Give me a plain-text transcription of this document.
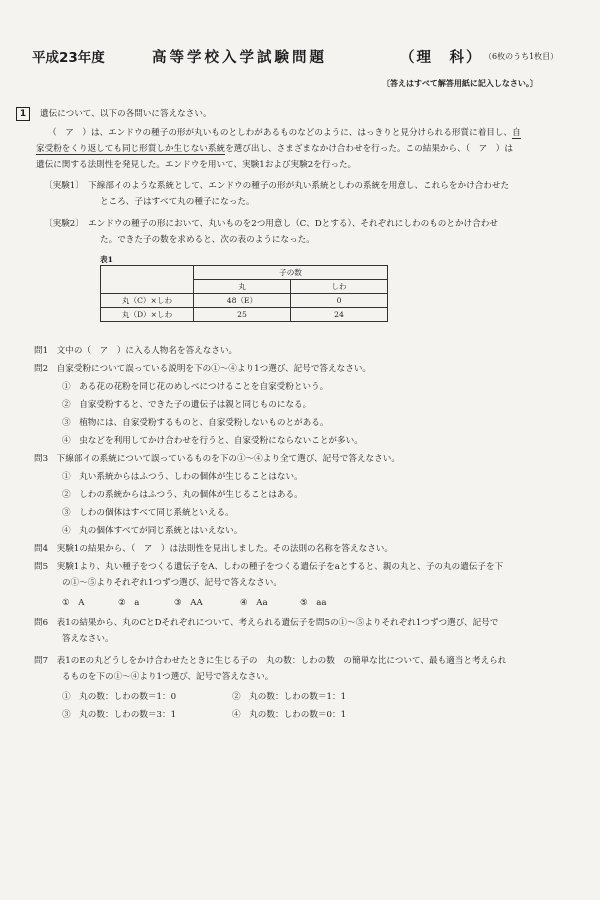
平成23年度	高等学校入学試験問題	（理　科） （6枚のうち1枚目）
〔答えはすべて解答用紙に記入しなさい。〕
1	遺伝について、以下の各問いに答えなさい。
（　ア　）は、エンドウの種子の形が丸いものとしわがあるものなどのように、はっきりと見分けられる形質に着目し、自
家受粉をくり返しても同じ形質しか生じない系統を選び出し、さまざまなかけ合わせを行った。この結果から、（　ア　）は
遺伝に関する法則性を発見した。エンドウを用いて、実験1および実験2を行った。
〔実験1〕　下線部イのような系統として、エンドウの種子の形が丸い系統としわの系統を用意し、これらをかけ合わせた
ところ、子はすべて丸の種子になった。
〔実験2〕　エンドウの種子の形において、丸いものを2つ用意し（C、Dとする）、それぞれにしわのものとかけ合わせ
た。できた子の数を求めると、次の表のようになった。
表1
	子の数	
	丸	しわ
丸（C）×しわ	48（E）	0
丸（D）×しわ	25	24
問1　 文中の（　ア　）に入る人物名を答えなさい。
問2　 自家受粉について誤っている説明を下の①～④より1つ選び、記号で答えなさい。
①　ある花の花粉を同じ花のめしべにつけることを自家受粉という。
②　自家受粉すると、できた子の遺伝子は親と同じものになる。
③　植物には、自家受粉するものと、自家受粉しないものとがある。
④　虫などを利用してかけ合わせを行うと、自家受粉にならないことが多い。
問3　 下線部イの系統について誤っているものを下の①～④より全て選び、記号で答えなさい。
①　丸い系統からはふつう、しわの個体が生じることはない。
②　しわの系統からはふつう、丸の個体が生じることはある。
③　しわの個体はすべて同じ系統といえる。
④　丸の個体すべてが同じ系統とはいえない。
問4　 実験1の結果から、（　ア　）は法則性を見出しました。その法則の名称を答えなさい。
問5　 実験1より、丸い種子をつくる遺伝子をA、しわの種子をつくる遺伝子をaとすると、親の丸と、子の丸の遺伝子を下
の①～⑤よりそれぞれ1つずつ選び、記号で答えなさい。
①　A	②　a	③　AA	④　Aa	⑤　aa
問6　 表1の結果から、丸のCとDそれぞれについて、考えられる遺伝子を問5の①～⑤よりそれぞれ1つずつ選び、記号で
答えなさい。
問7　 表1のEの丸どうしをかけ合わせたときに生じる子の　丸の数：しわの数　の簡単な比について、最も適当と考えられ
るものを下の①～④より1つ選び、記号で答えなさい。
①　丸の数：しわの数＝1：0	②　丸の数：しわの数＝1：1
③　丸の数：しわの数＝3：1	④　丸の数：しわの数＝0：1
